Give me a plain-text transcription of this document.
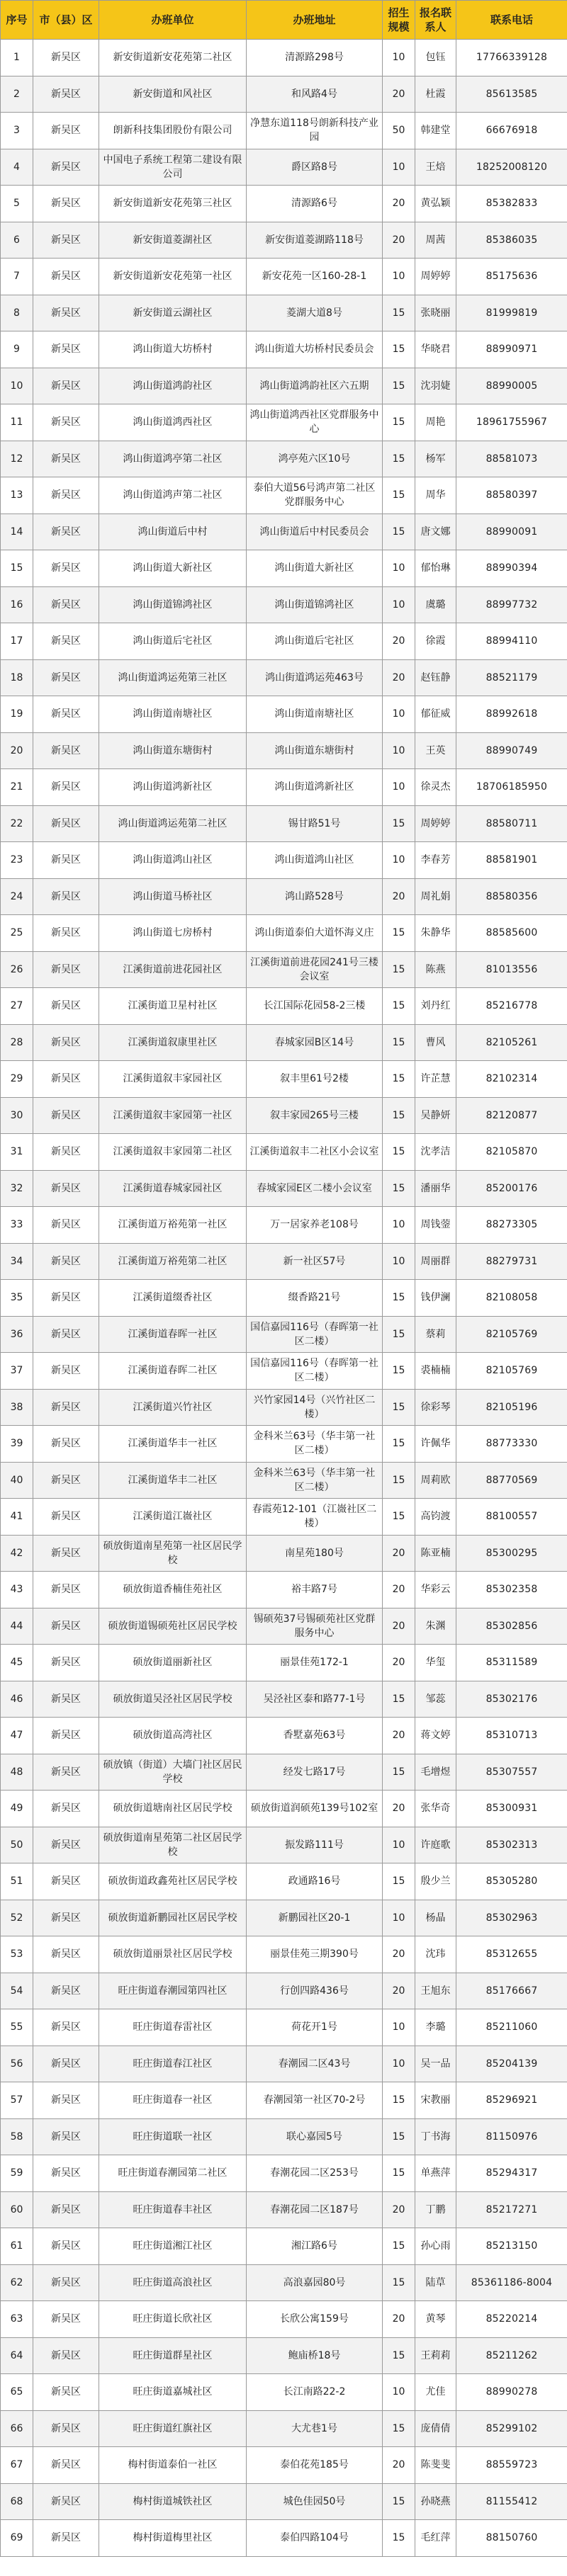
序号	市（县）区	办班单位	办班地址	招生规模	报名联系人	联系电话
1	新吴区	新安街道新安花苑第二社区	清源路298号	10	包钰	17766339128
2	新吴区	新安街道和风社区	和风路4号	20	杜霞	85613585
3	新吴区	朗新科技集团股份有限公司	净慧东道118号朗新科技产业园	50	韩建堂	66676918
4	新吴区	中国电子系统工程第二建设有限公司	爵区路8号	10	王焙	18252008120
5	新吴区	新安街道新安花苑第三社区	清源路6号	20	黄弘颖	85382833
6	新吴区	新安街道菱湖社区	新安街道菱湖路118号	20	周茜	85386035
7	新吴区	新安街道新安花苑第一社区	新安花苑一区160-28-1	10	周婷婷	85175636
8	新吴区	新安街道云湖社区	菱湖大道8号	15	张晓丽	81999819
9	新吴区	鸿山街道大坊桥村	鸿山街道大坊桥村民委员会	15	华晓君	88990971
10	新吴区	鸿山街道鸿韵社区	鸿山街道鸿韵社区六五期	15	沈羽婕	88990005
11	新吴区	鸿山街道鸿西社区	鸿山街道鸿西社区党群服务中心	15	周艳	18961755967
12	新吴区	鸿山街道鸿亭第二社区	鸿亭苑六区10号	15	杨军	88581073
13	新吴区	鸿山街道鸿声第二社区	泰伯大道56号鸿声第二社区党群服务中心	15	周华	88580397
14	新吴区	鸿山街道后中村	鸿山街道后中村民委员会	15	唐文娜	88990091
15	新吴区	鸿山街道大新社区	鸿山街道大新社区	10	郁怡琳	88990394
16	新吴区	鸿山街道锦鸿社区	鸿山街道锦鸿社区	10	虞璐	88997732
17	新吴区	鸿山街道后宅社区	鸿山街道后宅社区	20	徐霞	88994110
18	新吴区	鸿山街道鸿运苑第三社区	鸿山街道鸿运苑463号	20	赵钰静	88521179
19	新吴区	鸿山街道南塘社区	鸿山街道南塘社区	10	郁征威	88992618
20	新吴区	鸿山街道东塘街村	鸿山街道东塘街村	10	王英	88990749
21	新吴区	鸿山街道鸿新社区	鸿山街道鸿新社区	10	徐灵杰	18706185950
22	新吴区	鸿山街道鸿运苑第二社区	锡甘路51号	15	周婷婷	88580711
23	新吴区	鸿山街道鸿山社区	鸿山街道鸿山社区	10	李春芳	88581901
24	新吴区	鸿山街道马桥社区	鸿山路528号	20	周礼娟	88580356
25	新吴区	鸿山街道七房桥村	鸿山街道泰伯大道怀海义庄	15	朱静华	88585600
26	新吴区	江溪街道前进花园社区	江溪街道前进花园241号三楼会议室	15	陈燕	81013556
27	新吴区	江溪街道卫星村社区	长江国际花园58-2三楼	15	刘丹红	85216778
28	新吴区	江溪街道叙康里社区	春城家园B区14号	15	曹风	82105261
29	新吴区	江溪街道叙丰家园社区	叙丰里61号2楼	15	许芷慧	82102314
30	新吴区	江溪街道叙丰家园第一社区	叙丰家园265号三楼	15	吴静妍	82120877
31	新吴区	江溪街道叙丰家园第二社区	江溪街道叙丰二社区小会议室	15	沈孝洁	82105870
32	新吴区	江溪街道春城家园社区	春城家园E区二楼小会议室	15	潘丽华	85200176
33	新吴区	江溪街道万裕苑第一社区	万一居家养老108号	10	周钱蓥	88273305
34	新吴区	江溪街道万裕苑第二社区	新一社区57号	10	周丽群	88279731
35	新吴区	江溪街道缀香社区	缀香路21号	15	钱伊澜	82108058
36	新吴区	江溪街道春晖一社区	国信嘉园116号（春晖第一社区二楼）	15	蔡莉	82105769
37	新吴区	江溪街道春晖二社区	国信嘉园116号（春晖第一社区二楼）	15	裘楠楠	82105769
38	新吴区	江溪街道兴竹社区	兴竹家园14号（兴竹社区二楼）	15	徐彩琴	82105196
39	新吴区	江溪街道华丰一社区	金科米兰63号（华丰第一社区二楼）	15	许佩华	88773330
40	新吴区	江溪街道华丰二社区	金科米兰63号（华丰第一社区二楼）	15	周莉欧	88770569
41	新吴区	江溪街道江嶶社区	春霞苑12-101（江嶶社区二楼）	15	高钧渡	88100557
42	新吴区	硕放街道南星苑第一社区居民学校	南星苑180号	20	陈亚楠	85300295
43	新吴区	硕放街道香楠佳苑社区	裕丰路7号	20	华彩云	85302358
44	新吴区	硕放街道锡硕苑社区居民学校	锡硕苑37号锡硕苑社区党群服务中心	20	朱渊	85302856
45	新吴区	硕放街道丽新社区	丽景佳苑172-1	20	华玺	85311589
46	新吴区	硕放街道吴泾社区居民学校	吴泾社区泰和路77-1号	15	邹蕊	85302176
47	新吴区	硕放街道高湾社区	香墅嘉苑63号	20	蒋文婷	85310713
48	新吴区	硕放镇（街道）大墙门社区居民学校	经发七路17号	15	毛增煜	85307557
49	新吴区	硕放街道塘南社区居民学校	硕放街道润硕苑139号102室	20	张华奇	85300931
50	新吴区	硕放街道南星苑第二社区居民学校	振发路111号	10	许庭歌	85302313
51	新吴区	硕放街道政鑫苑社区居民学校	政通路16号	15	殷少兰	85305280
52	新吴区	硕放街道新鹏园社区居民学校	新鹏园社区20-1	10	杨晶	85302963
53	新吴区	硕放街道丽景社区居民学校	丽景佳苑三期390号	20	沈玮	85312655
54	新吴区	旺庄街道春潮园第四社区	行创四路436号	20	王旭东	85176667
55	新吴区	旺庄街道春雷社区	荷花开1号	10	李璐	85211060
56	新吴区	旺庄街道春江社区	春潮园二区43号	10	吴一品	85204139
57	新吴区	旺庄街道春一社区	春潮园第一社区70-2号	15	宋教丽	85296921
58	新吴区	旺庄街道联一社区	联心嘉园5号	15	丁书海	81150976
59	新吴区	旺庄街道春潮园第二社区	春潮花园二区253号	15	单燕萍	85294317
60	新吴区	旺庄街道春丰社区	春潮花园二区187号	20	丁鹏	85217271
61	新吴区	旺庄街道湘江社区	湘江路6号	15	孙心雨	85213150
62	新吴区	旺庄街道高浪社区	高浪嘉园80号	15	陆草	85361186-8004
63	新吴区	旺庄街道长欣社区	长欣公寓159号	20	黄琴	85220214
64	新吴区	旺庄街道群星社区	鲍庙桥18号	15	王莉莉	85211262
65	新吴区	旺庄街道嘉城社区	长江南路22-2	10	尤佳	88990278
66	新吴区	旺庄街道红旗社区	大尤巷1号	15	庞倩倩	85299102
67	新吴区	梅村街道泰伯一社区	泰伯花苑185号	20	陈斐斐	88559723
68	新吴区	梅村街道城铁社区	城色佳园50号	15	孙晓燕	81155412
69	新吴区	梅村街道梅里社区	泰伯四路104号	15	毛红萍	88150760
